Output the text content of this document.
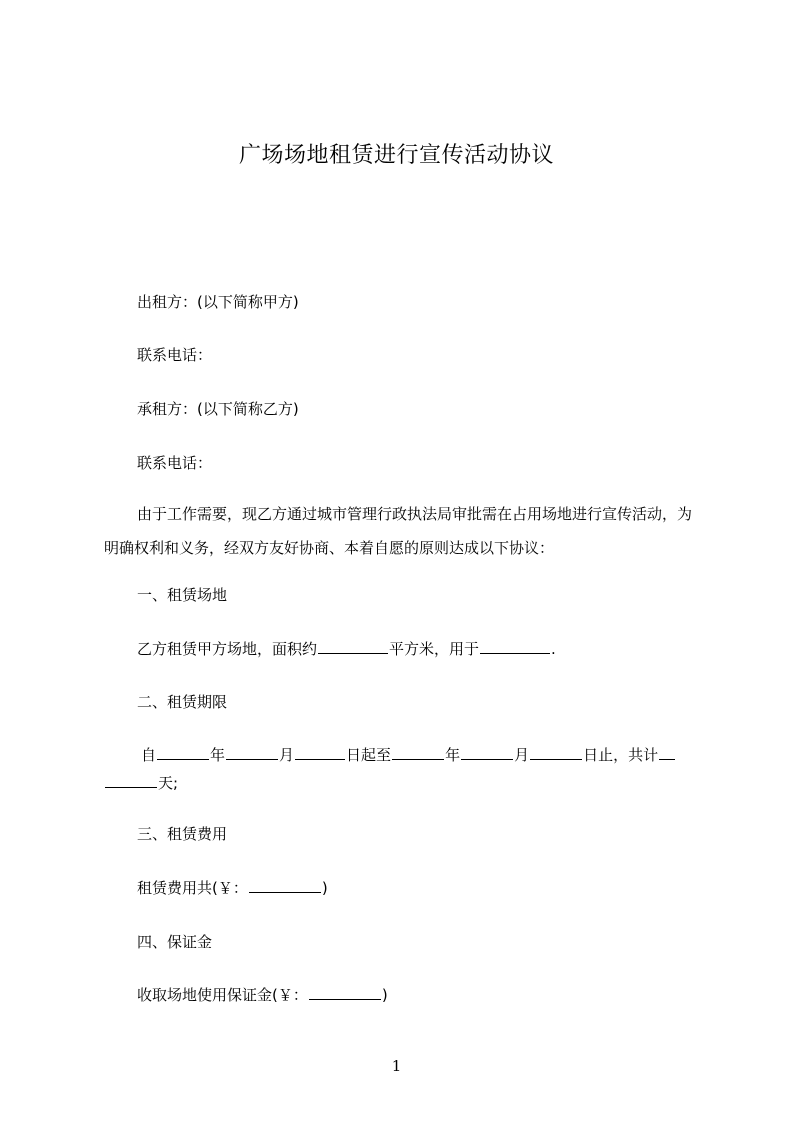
广场场地租赁进行宣传活动协议
出租方：(以下简称甲方)
联系电话：
承租方：(以下简称乙方)
联系电话：
由于工作需要，现乙方通过城市管理行政执法局审批需在占用场地进行宣传活动，为明确权利和义务，经双方友好协商、本着自愿的原则达成以下协议：
一、租赁场地
乙方租赁甲方场地，面积约	平方米，用于	.
二、租赁期限
自	年	月	日起至	年	月	日止，共计
天;
三、租赁费用
租赁费用共(￥：	)
四、保证金
收取场地使用保证金(￥：	)
1
